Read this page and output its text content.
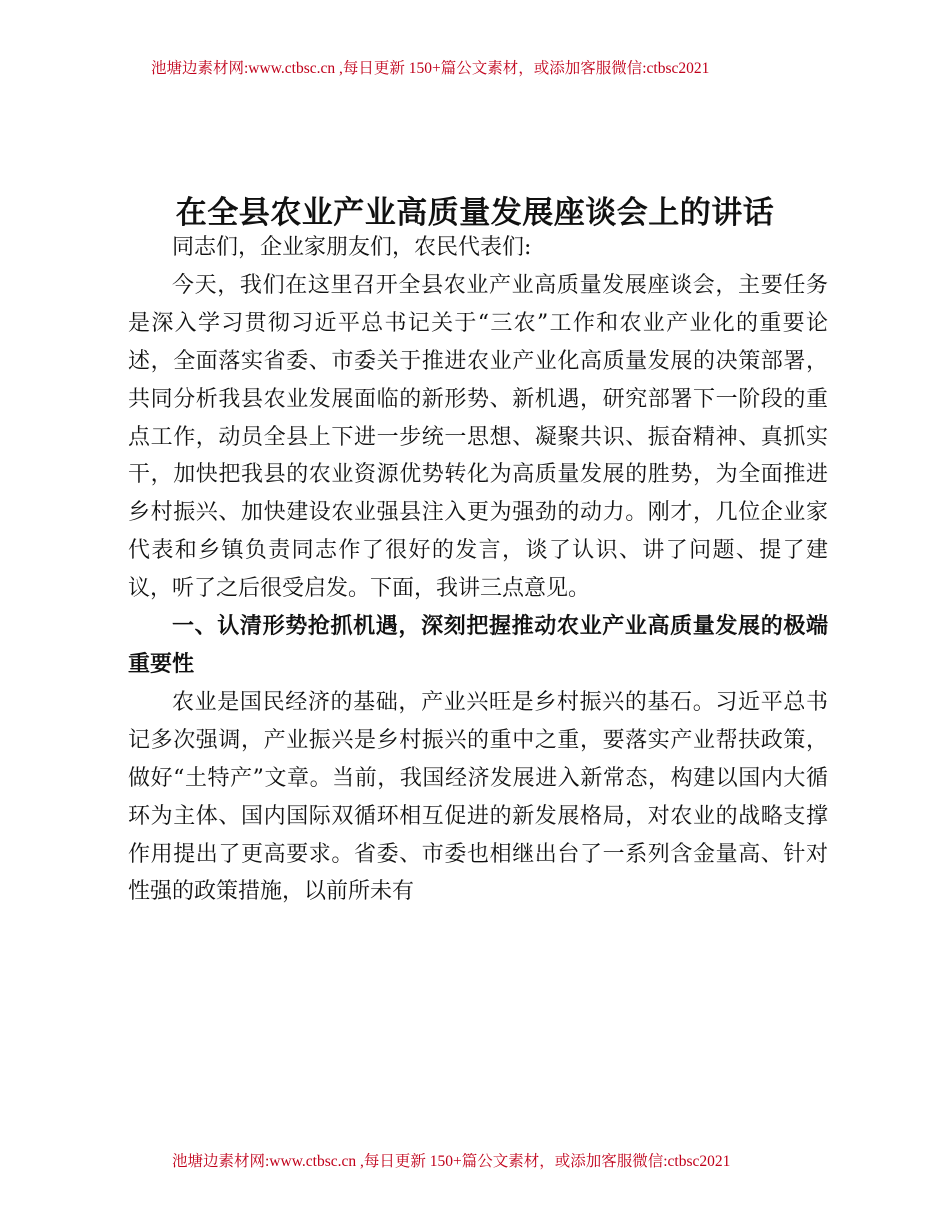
池塘边素材网:www.ctbsc.cn ,每日更新 150+篇公文素材，或添加客服微信:ctbsc2021
在全县农业产业高质量发展座谈会上的讲话

同志们，企业家朋友们，农民代表们:

今天，我们在这里召开全县农业产业高质量发展座谈会，主要任务是深入学习贯彻习近平总书记关于“三农”工作和农业产业化的重要论述，全面落实省委、市委关于推进农业产业化高质量发展的决策部署，共同分析我县农业发展面临的新形势、新机遇，研究部署下一阶段的重点工作，动员全县上下进一步统一思想、凝聚共识、振奋精神、真抓实干，加快把我县的农业资源优势转化为高质量发展的胜势，为全面推进乡村振兴、加快建设农业强县注入更为强劲的动力。刚才，几位企业家代表和乡镇负责同志作了很好的发言，谈了认识、讲了问题、提了建议，听了之后很受启发。下面，我讲三点意见。

一、认清形势抢抓机遇，深刻把握推动农业产业高质量发展的极端重要性

农业是国民经济的基础，产业兴旺是乡村振兴的基石。习近平总书记多次强调，产业振兴是乡村振兴的重中之重，要落实产业帮扶政策，做好“土特产”文章。当前，我国经济发展进入新常态，构建以国内大循环为主体、国内国际双循环相互促进的新发展格局，对农业的战略支撑作用提出了更高要求。省委、市委也相继出台了一系列含金量高、针对性强的政策措施，以前所未有

池塘边素材网:www.ctbsc.cn ,每日更新 150+篇公文素材，或添加客服微信:ctbsc2021
